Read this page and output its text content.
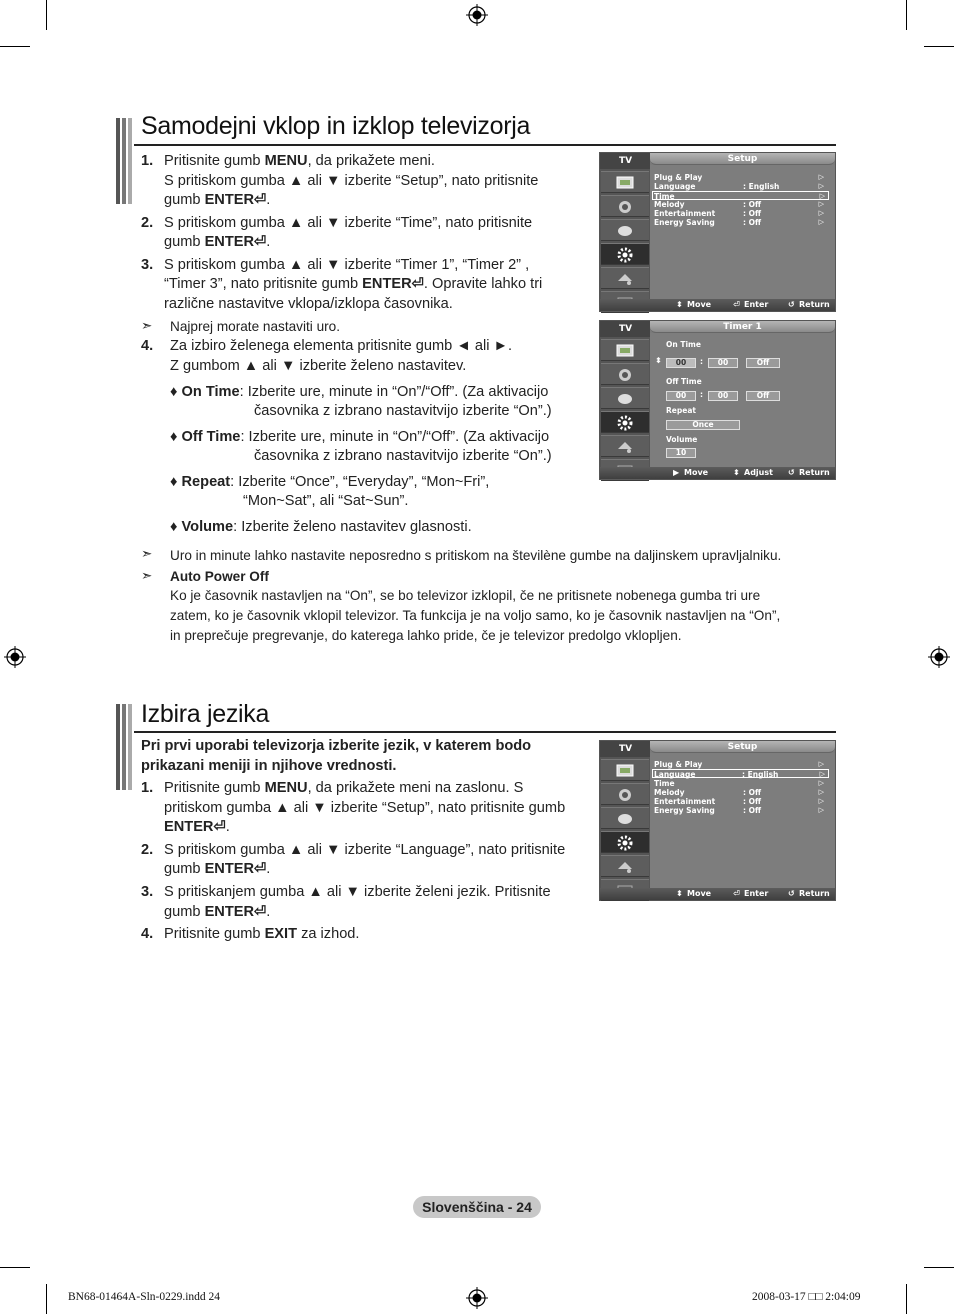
Samodejni vklop in izklop televizorja
1. Pritisnite gumb MENU, da prikažete meni.
S pritiskom gumba ▲ ali ▼ izberite “Setup”, nato pritisnite
gumb ENTER⏎.
2. S pritiskom gumba ▲ ali ▼ izberite “Time”, nato pritisnite
gumb ENTER⏎.
3. S pritiskom gumba ▲ ali ▼ izberite “Timer 1”, “Timer 2” ,
“Timer 3”, nato pritisnite gumb ENTER⏎. Opravite lahko tri
različne nastavitve vklopa/izklopa časovnika.
➣ Najprej morate nastaviti uro.
4. Za izbiro želenega elementa pritisnite gumb ◄ ali ►.
Z gumbom ▲ ali ▼ izberite želeno nastavitev.
♦ On Time: Izberite ure, minute in “On”/“Off”. (Za aktivacijo
časovnika z izbrano nastavitvijo izberite “On”.)
♦ Off Time: Izberite ure, minute in “On”/“Off”. (Za aktivacijo
časovnika z izbrano nastavitvijo izberite “On”.)
♦ Repeat: Izberite “Once”, “Everyday”, “Mon~Fri”,
“Mon~Sat”, ali “Sat~Sun”.
♦ Volume: Izberite želeno nastavitev glasnosti.
➣ Uro in minute lahko nastavite neposredno s pritiskom na številène gumbe na daljinskem upravljalniku.
➣ Auto Power Off
Ko je časovnik nastavljen na “On”, se bo televizor izklopil, če ne pritisnete nobenega gumba tri ure
zatem, ko je časovnik vklopil televizor. Ta funkcija je na voljo samo, ko je časovnik nastavljen na “On”,
in preprečuje pregrevanje, do katerega lahko pride, če je televizor predolgo vklopljen.
TV	Setup
Plug & Play	▷
Language	: English	▷
Time	▷
Melody	: Off	▷
Entertainment	: Off	▷
Energy Saving	: Off	▷
⬍ Move	⏎ Enter ↺ Return
TV	Timer 1
On Time
⬍	00	:	00	Off
Off Time
00	:	00	Off
Repeat
Once
Volume
10
▶ Move	⬍ Adjust ↺ Return
Izbira jezika
Pri prvi uporabi televizorja izberite jezik, v katerem bodo
prikazani meniji in njihove vrednosti.
1. Pritisnite gumb MENU, da prikažete meni na zaslonu. S
pritiskom gumba ▲ ali ▼ izberite “Setup”, nato pritisnite gumb
ENTER⏎.
2. S pritiskom gumba ▲ ali ▼ izberite “Language”, nato pritisnite
gumb ENTER⏎.
3. S pritiskanjem gumba ▲ ali ▼ izberite želeni jezik. Pritisnite
gumb ENTER⏎.
4. Pritisnite gumb EXIT za izhod.
TV	Setup
Plug & Play	▷
Language	: English	▷
Time	▷
Melody	: Off	▷
Entertainment	: Off	▷
Energy Saving	: Off	▷
⬍ Move	⏎ Enter ↺ Return
Slovenščina - 24
BN68-01464A-Sln-0229.indd 24	2008-03-17 □□ 2:04:09
